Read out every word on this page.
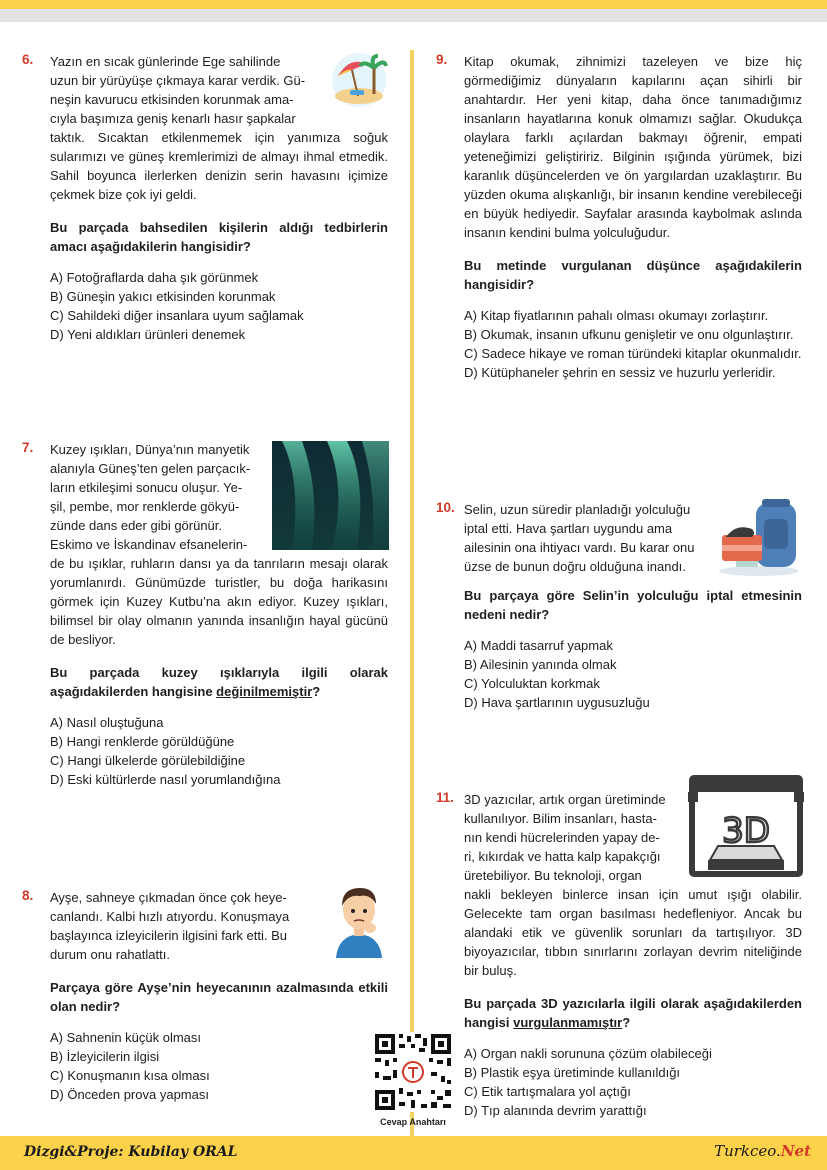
6. Yazın en sıcak günlerinde Ege sahilinde
uzun bir yürüyüşe çıkmaya karar verdik. Gü-
neşin kavurucu etkisinden korunmak ama-
cıyla başımıza geniş kenarlı hasır şapkalar

taktık. Sıcaktan etkilenmemek için yanımıza soğuk sularımızı ve güneş kremlerimizi de almayı ihmal etmedik. Sahil boyunca ilerlerken denizin serin havasını içimize çekmek bize çok iyi geldi.

Bu parçada bahsedilen kişilerin aldığı tedbirlerin amacı aşağıdakilerin hangisidir?

A) Fotoğraflarda daha şık görünmek

B) Güneşin yakıcı etkisinden korunmak

C) Sahildeki diğer insanlara uyum sağlamak

D) Yeni aldıkları ürünleri denemek

7. Kuzey ışıkları, Dünya’nın manyetik
alanıyla Güneş’ten gelen parçacık-
ların etkileşimi sonucu oluşur. Ye-
şil, pembe, mor renklerde gökyü-
zünde dans eder gibi görünür.
Eskimo ve İskandinav efsanelerin-

de bu ışıklar, ruhların dansı ya da tanrıların mesajı olarak yorumlanırdı. Günümüzde turistler, bu doğa harikasını görmek için Kuzey Kutbu’na akın ediyor. Kuzey ışıkları, bilimsel bir olay olmanın yanında insanlığın hayal gücünü de besliyor.

Bu parçada kuzey ışıklarıyla ilgili olarak aşağıdakilerden hangisine değinilmemiştir?

A) Nasıl oluştuğuna

B) Hangi renklerde görüldüğüne

C) Hangi ülkelerde görülebildiğine

D) Eski kültürlerde nasıl yorumlandığına

8. Ayşe, sahneye çıkmadan önce çok heye-
canlandı. Kalbi hızlı atıyordu. Konuşmaya
başlayınca izleyicilerin ilgisini fark etti. Bu
durum onu rahatlattı.

Parçaya göre Ayşe’nin heyecanının azalmasında etkili olan nedir?

A) Sahnenin küçük olması

B) İzleyicilerin ilgisi

C) Konuşmanın kısa olması

D) Önceden prova yapması

9. Kitap okumak, zihnimizi tazeleyen ve bize hiç görmediğimiz dünyaların kapılarını açan sihirli bir anahtardır. Her yeni kitap, daha önce tanımadığımız insanların hayatlarına konuk olmamızı sağlar. Okudukça olaylara farklı açılardan bakmayı öğrenir, empati yeteneğimizi geliştiririz. Bilginin ışığında yürümek, bizi karanlık düşüncelerden ve ön yargılardan uzaklaştırır. Bu yüzden okuma alışkanlığı, bir insanın kendine verebileceği en büyük hediyedir. Sayfalar arasında kaybolmak aslında insanın kendini bulma yolculuğudur.

Bu metinde vurgulanan düşünce aşağıdakilerin hangisidir?

A) Kitap fiyatlarının pahalı olması okumayı zorlaştırır.

B) Okumak, insanın ufkunu genişletir ve onu olgunlaştırır.

C) Sadece hikaye ve roman türündeki kitaplar okunmalıdır.

D) Kütüphaneler şehrin en sessiz ve huzurlu yerleridir.

10. Selin, uzun süredir planladığı yolculuğu
iptal etti. Hava şartları uygundu ama
ailesinin ona ihtiyacı vardı. Bu karar onu
üzse de bunun doğru olduğuna inandı.

Bu parçaya göre Selin’in yolculuğu iptal etmesinin nedeni nedir?

A) Maddi tasarruf yapmak

B) Ailesinin yanında olmak

C) Yolculuktan korkmak

D) Hava şartlarının uygusuzluğu

11. 3D yazıcılar, artık organ üretiminde
kullanılıyor. Bilim insanları, hasta-
nın kendi hücrelerinden yapay de-
ri, kıkırdak ve hatta kalp kapakçığı
üretebiliyor. Bu teknoloji, organ

nakli bekleyen binlerce insan için umut ışığı olabilir. Gelecekte tam organ basılması hedefleniyor. Ancak bu alandaki etik ve güvenlik sorunları da tartışılıyor. 3D biyoyazıcılar, tıbbın sınırlarını zorlayan devrim niteliğinde bir buluş.

Bu parçada 3D yazıcılarla ilgili olarak aşağıdakilerden hangisi vurgulanmamıştır?

A) Organ nakli sorununa çözüm olabileceği

B) Plastik eşya üretiminde kullanıldığı

C) Etik tartışmalara yol açtığı

D) Tıp alanında devrim yarattığı

3D
Cevap Anahtarı
Dizgi&Proje: Kubilay ORAL	Turkceo.Net
